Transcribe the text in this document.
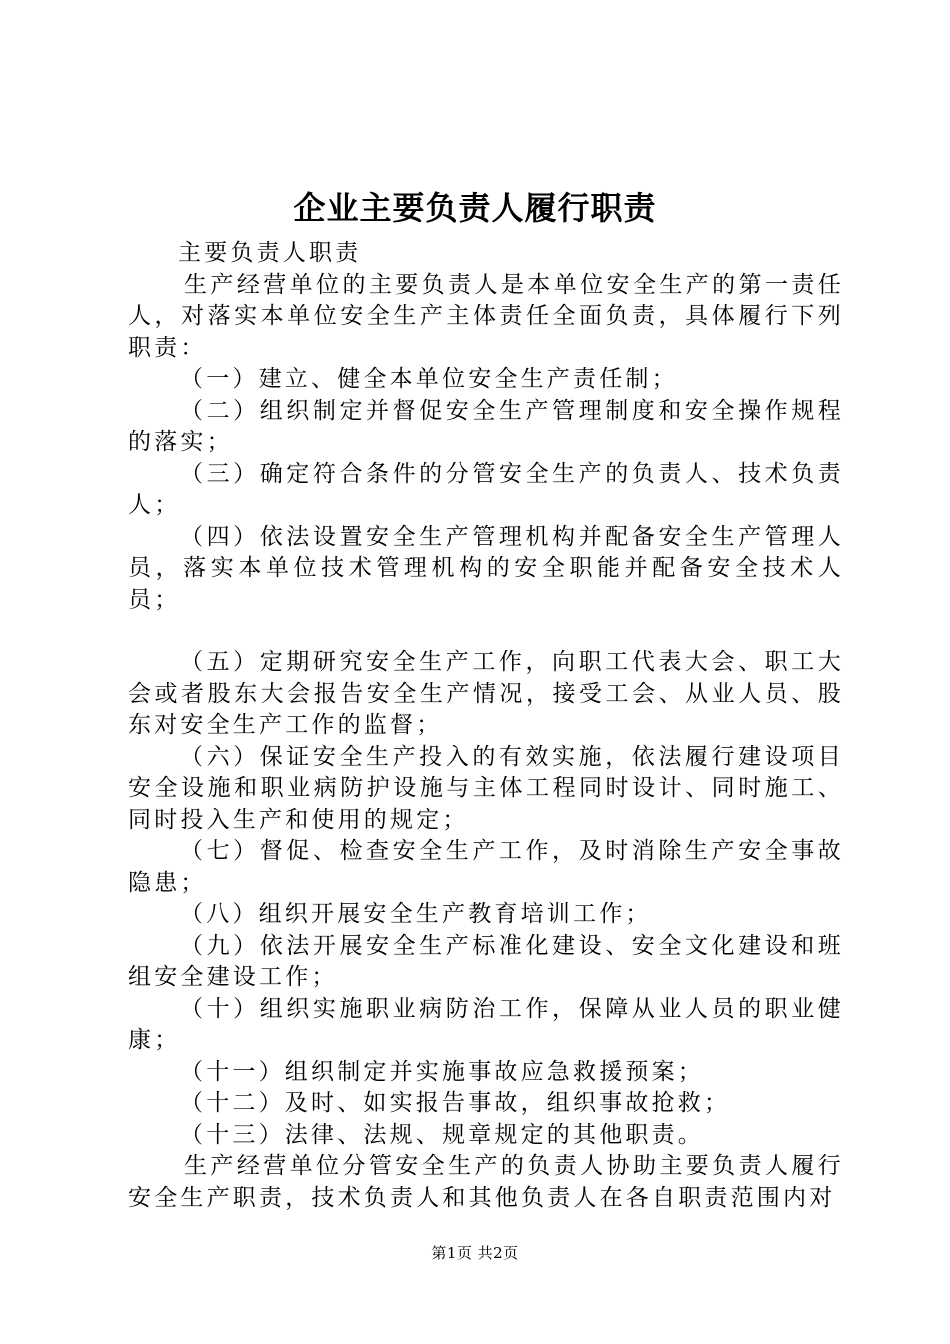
企业主要负责人履行职责

主要负责人职责

生产经营单位的主要负责人是本单位安全生产的第一责任人，对落实本单位安全生产主体责任全面负责，具体履行下列职责：

（一）建立、健全本单位安全生产责任制；

（二）组织制定并督促安全生产管理制度和安全操作规程的落实；

（三）确定符合条件的分管安全生产的负责人、技术负责人；

（四）依法设置安全生产管理机构并配备安全生产管理人员，落实本单位技术管理机构的安全职能并配备安全技术人员；

（五）定期研究安全生产工作，向职工代表大会、职工大会或者股东大会报告安全生产情况，接受工会、从业人员、股东对安全生产工作的监督；

（六）保证安全生产投入的有效实施，依法履行建设项目安全设施和职业病防护设施与主体工程同时设计、同时施工、同时投入生产和使用的规定；

（七）督促、检查安全生产工作，及时消除生产安全事故隐患；

（八）组织开展安全生产教育培训工作；

（九）依法开展安全生产标准化建设、安全文化建设和班组安全建设工作；

（十）组织实施职业病防治工作，保障从业人员的职业健康；

（十一）组织制定并实施事故应急救援预案；

（十二）及时、如实报告事故，组织事故抢救；

（十三）法律、法规、规章规定的其他职责。

生产经营单位分管安全生产的负责人协助主要负责人履行安全生产职责，技术负责人和其他负责人在各自职责范围内对

第1页 共2页
